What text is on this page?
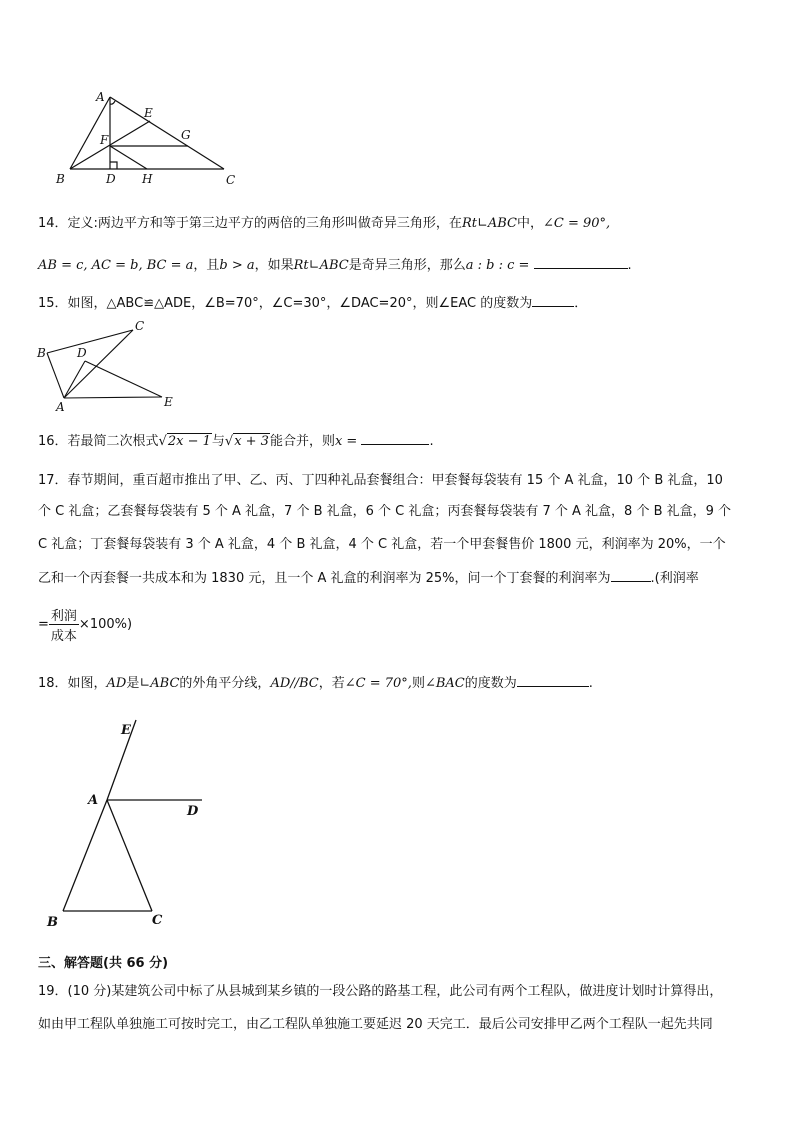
A
E
G
F
B	D H	C
14．定义:两边平方和等于第三边平方的两倍的三角形叫做奇异三角形，在Rt∟ABC中，∠C = 90°,
AB = c, AC = b, BC = a，且b > a，如果Rt∟ABC是奇异三角形，那么a : b : c =	.
15．如图，△ABC≌△ADE，∠B=70°，∠C=30°，∠DAC=20°，则∠EAC 的度数为	．
C
B	D
A	E
16．若最简二次根式√2x − 1与√x + 3能合并，则x =	.
17．春节期间，重百超市推出了甲、乙、丙、丁四种礼品套餐组合：甲套餐每袋装有 15 个 A 礼盒，10 个 B 礼盒，10
个 C 礼盒；乙套餐每袋装有 5 个 A 礼盒，7 个 B 礼盒，6 个 C 礼盒；丙套餐每袋装有 7 个 A 礼盒，8 个 B 礼盒，9 个
C 礼盒；丁套餐每袋装有 3 个 A 礼盒，4 个 B 礼盒，4 个 C 礼盒，若一个甲套餐售价 1800 元，利润率为 20%，一个
乙和一个丙套餐一共成本和为 1830 元，且一个 A 礼盒的利润率为 25%，问一个丁套餐的利润率为	.(利润率
= $\frac{\text{利润}}{\text{成本}} \times 100\%$)
18．如图，AD是∟ABC的外角平分线，AD//BC，若∠C = 70°,则∠BAC的度数为	.
E
A
D
B	C
三、解答题(共 66 分)
19．(10 分)某建筑公司中标了从县城到某乡镇的一段公路的路基工程，此公司有两个工程队，做进度计划时计算得出，
如由甲工程队单独施工可按时完工，由乙工程队单独施工要延迟 20 天完工．最后公司安排甲乙两个工程队一起先共同
